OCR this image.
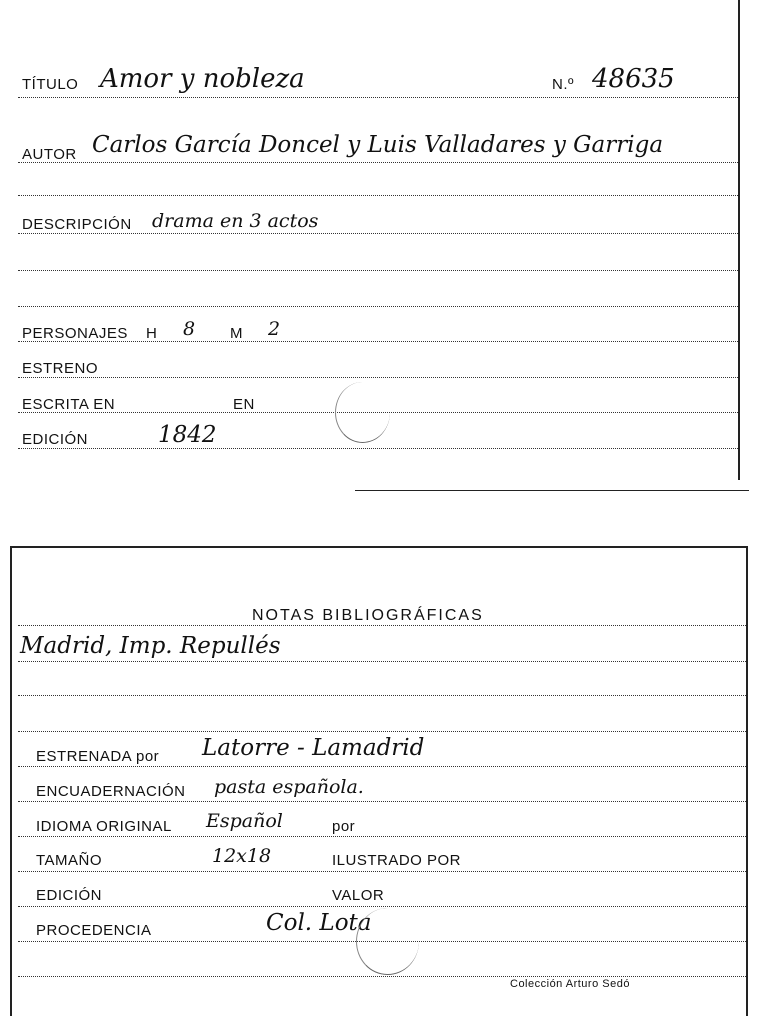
TÍTULO Amor y nobleza	N.º 48635
AUTOR Carlos García Doncel y Luis Valladares y Garriga
DESCRIPCIÓN drama en 3 actos
PERSONAJES H 8 M 2
ESTRENO
ESCRITA EN	EN
EDICIÓN	1842
NOTAS BIBLIOGRÁFICAS
Madrid, Imp. Repullés
ESTRENADA por Latorre - Lamadrid
ENCUADERNACIÓN pasta española.
IDIOMA ORIGINAL Español	por
TAMAÑO	12x18	ILUSTRADO POR
EDICIÓN	VALOR
PROCEDENCIA	Col. Lota
Colección Arturo Sedó
